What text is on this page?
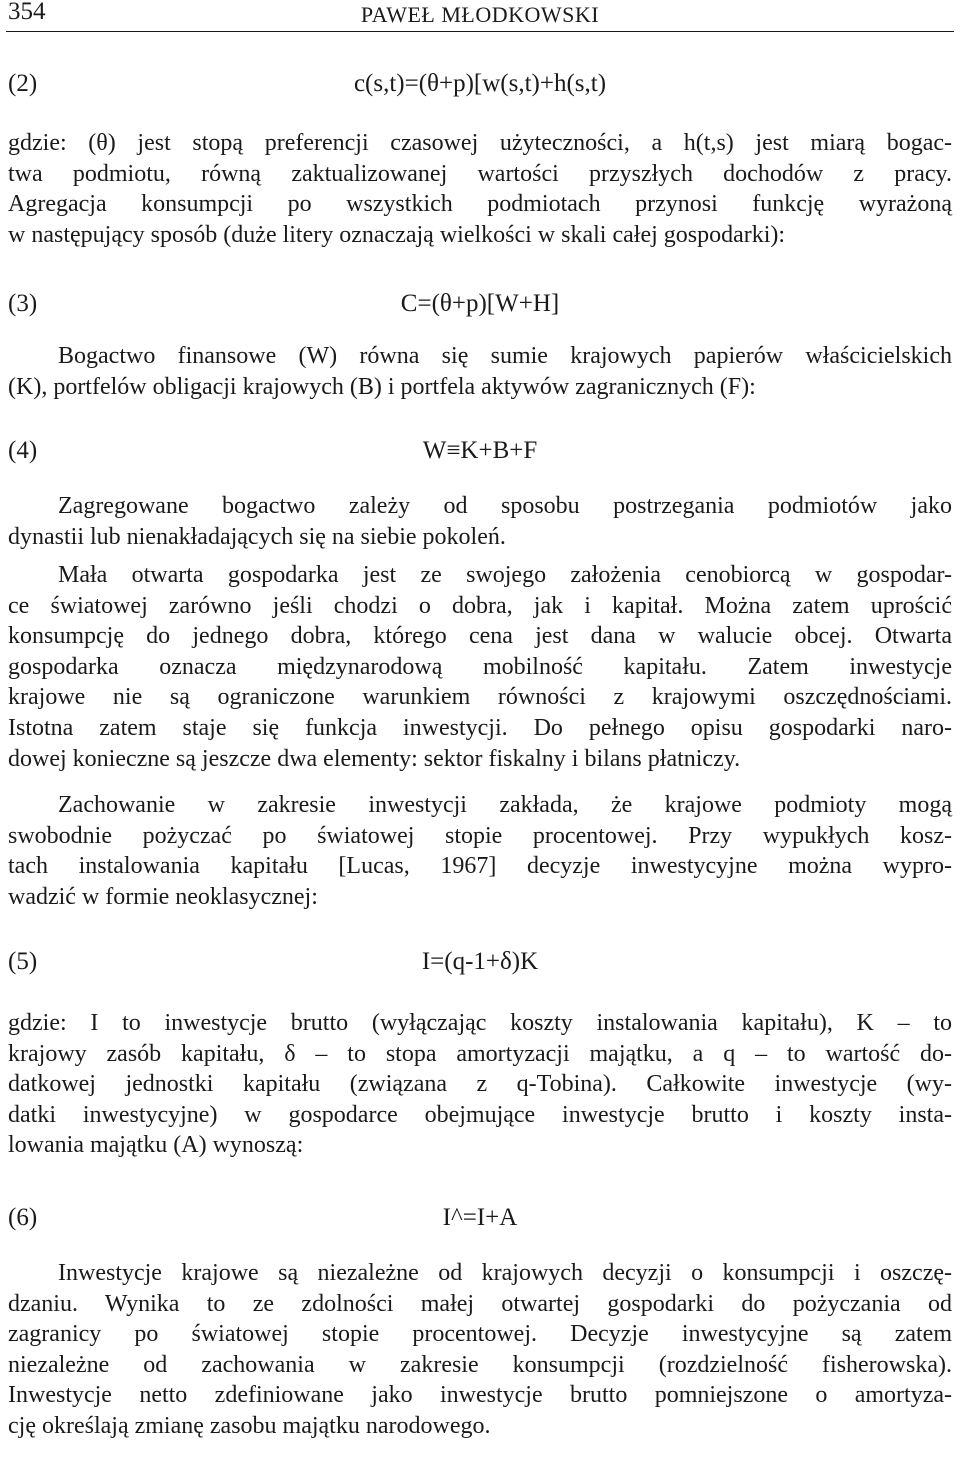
354	PAWEŁ MŁODKOWSKI
c(s,t)=(θ+p)[w(s,t)+h(s,t)
(2)
gdzie: (θ) jest stopą preferencji czasowej użyteczności, a h(t,s) jest miarą bogac-
twa podmiotu, równą zaktualizowanej wartości przyszłych dochodów z pracy.
Agregacja konsumpcji po wszystkich podmiotach przynosi funkcję wyrażoną
w następujący sposób (duże litery oznaczają wielkości w skali całej gospodarki):
C=(θ+p)[W+H]
(3)
Bogactwo finansowe (W) równa się sumie krajowych papierów właścicielskich
(K), portfelów obligacji krajowych (B) i portfela aktywów zagranicznych (F):
W≡K+B+F
(4)
Zagregowane bogactwo zależy od sposobu postrzegania podmiotów jako
dynastii lub nienakładających się na siebie pokoleń.
Mała otwarta gospodarka jest ze swojego założenia cenobiorcą w gospodar-
ce światowej zarówno jeśli chodzi o dobra, jak i kapitał. Można zatem uprościć
konsumpcję do jednego dobra, którego cena jest dana w walucie obcej. Otwarta
gospodarka oznacza międzynarodową mobilność kapitału. Zatem inwestycje
krajowe nie są ograniczone warunkiem równości z krajowymi oszczędnościami.
Istotna zatem staje się funkcja inwestycji. Do pełnego opisu gospodarki naro-
dowej konieczne są jeszcze dwa elementy: sektor fiskalny i bilans płatniczy.
Zachowanie w zakresie inwestycji zakłada, że krajowe podmioty mogą
swobodnie pożyczać po światowej stopie procentowej. Przy wypukłych kosz-
tach instalowania kapitału [Lucas, 1967] decyzje inwestycyjne można wypro-
wadzić w formie neoklasycznej:
I=(q-1+δ)K
(5)
gdzie: I to inwestycje brutto (wyłączając koszty instalowania kapitału), K – to
krajowy zasób kapitału, δ – to stopa amortyzacji majątku, a q – to wartość do-
datkowej jednostki kapitału (związana z q-Tobina). Całkowite inwestycje (wy-
datki inwestycyjne) w gospodarce obejmujące inwestycje brutto i koszty insta-
lowania majątku (A) wynoszą:
I^=I+A
(6)
Inwestycje krajowe są niezależne od krajowych decyzji o konsumpcji i oszczę-
dzaniu. Wynika to ze zdolności małej otwartej gospodarki do pożyczania od
zagranicy po światowej stopie procentowej. Decyzje inwestycyjne są zatem
niezależne od zachowania w zakresie konsumpcji (rozdzielność fisherowska).
Inwestycje netto zdefiniowane jako inwestycje brutto pomniejszone o amortyza-
cję określają zmianę zasobu majątku narodowego.
